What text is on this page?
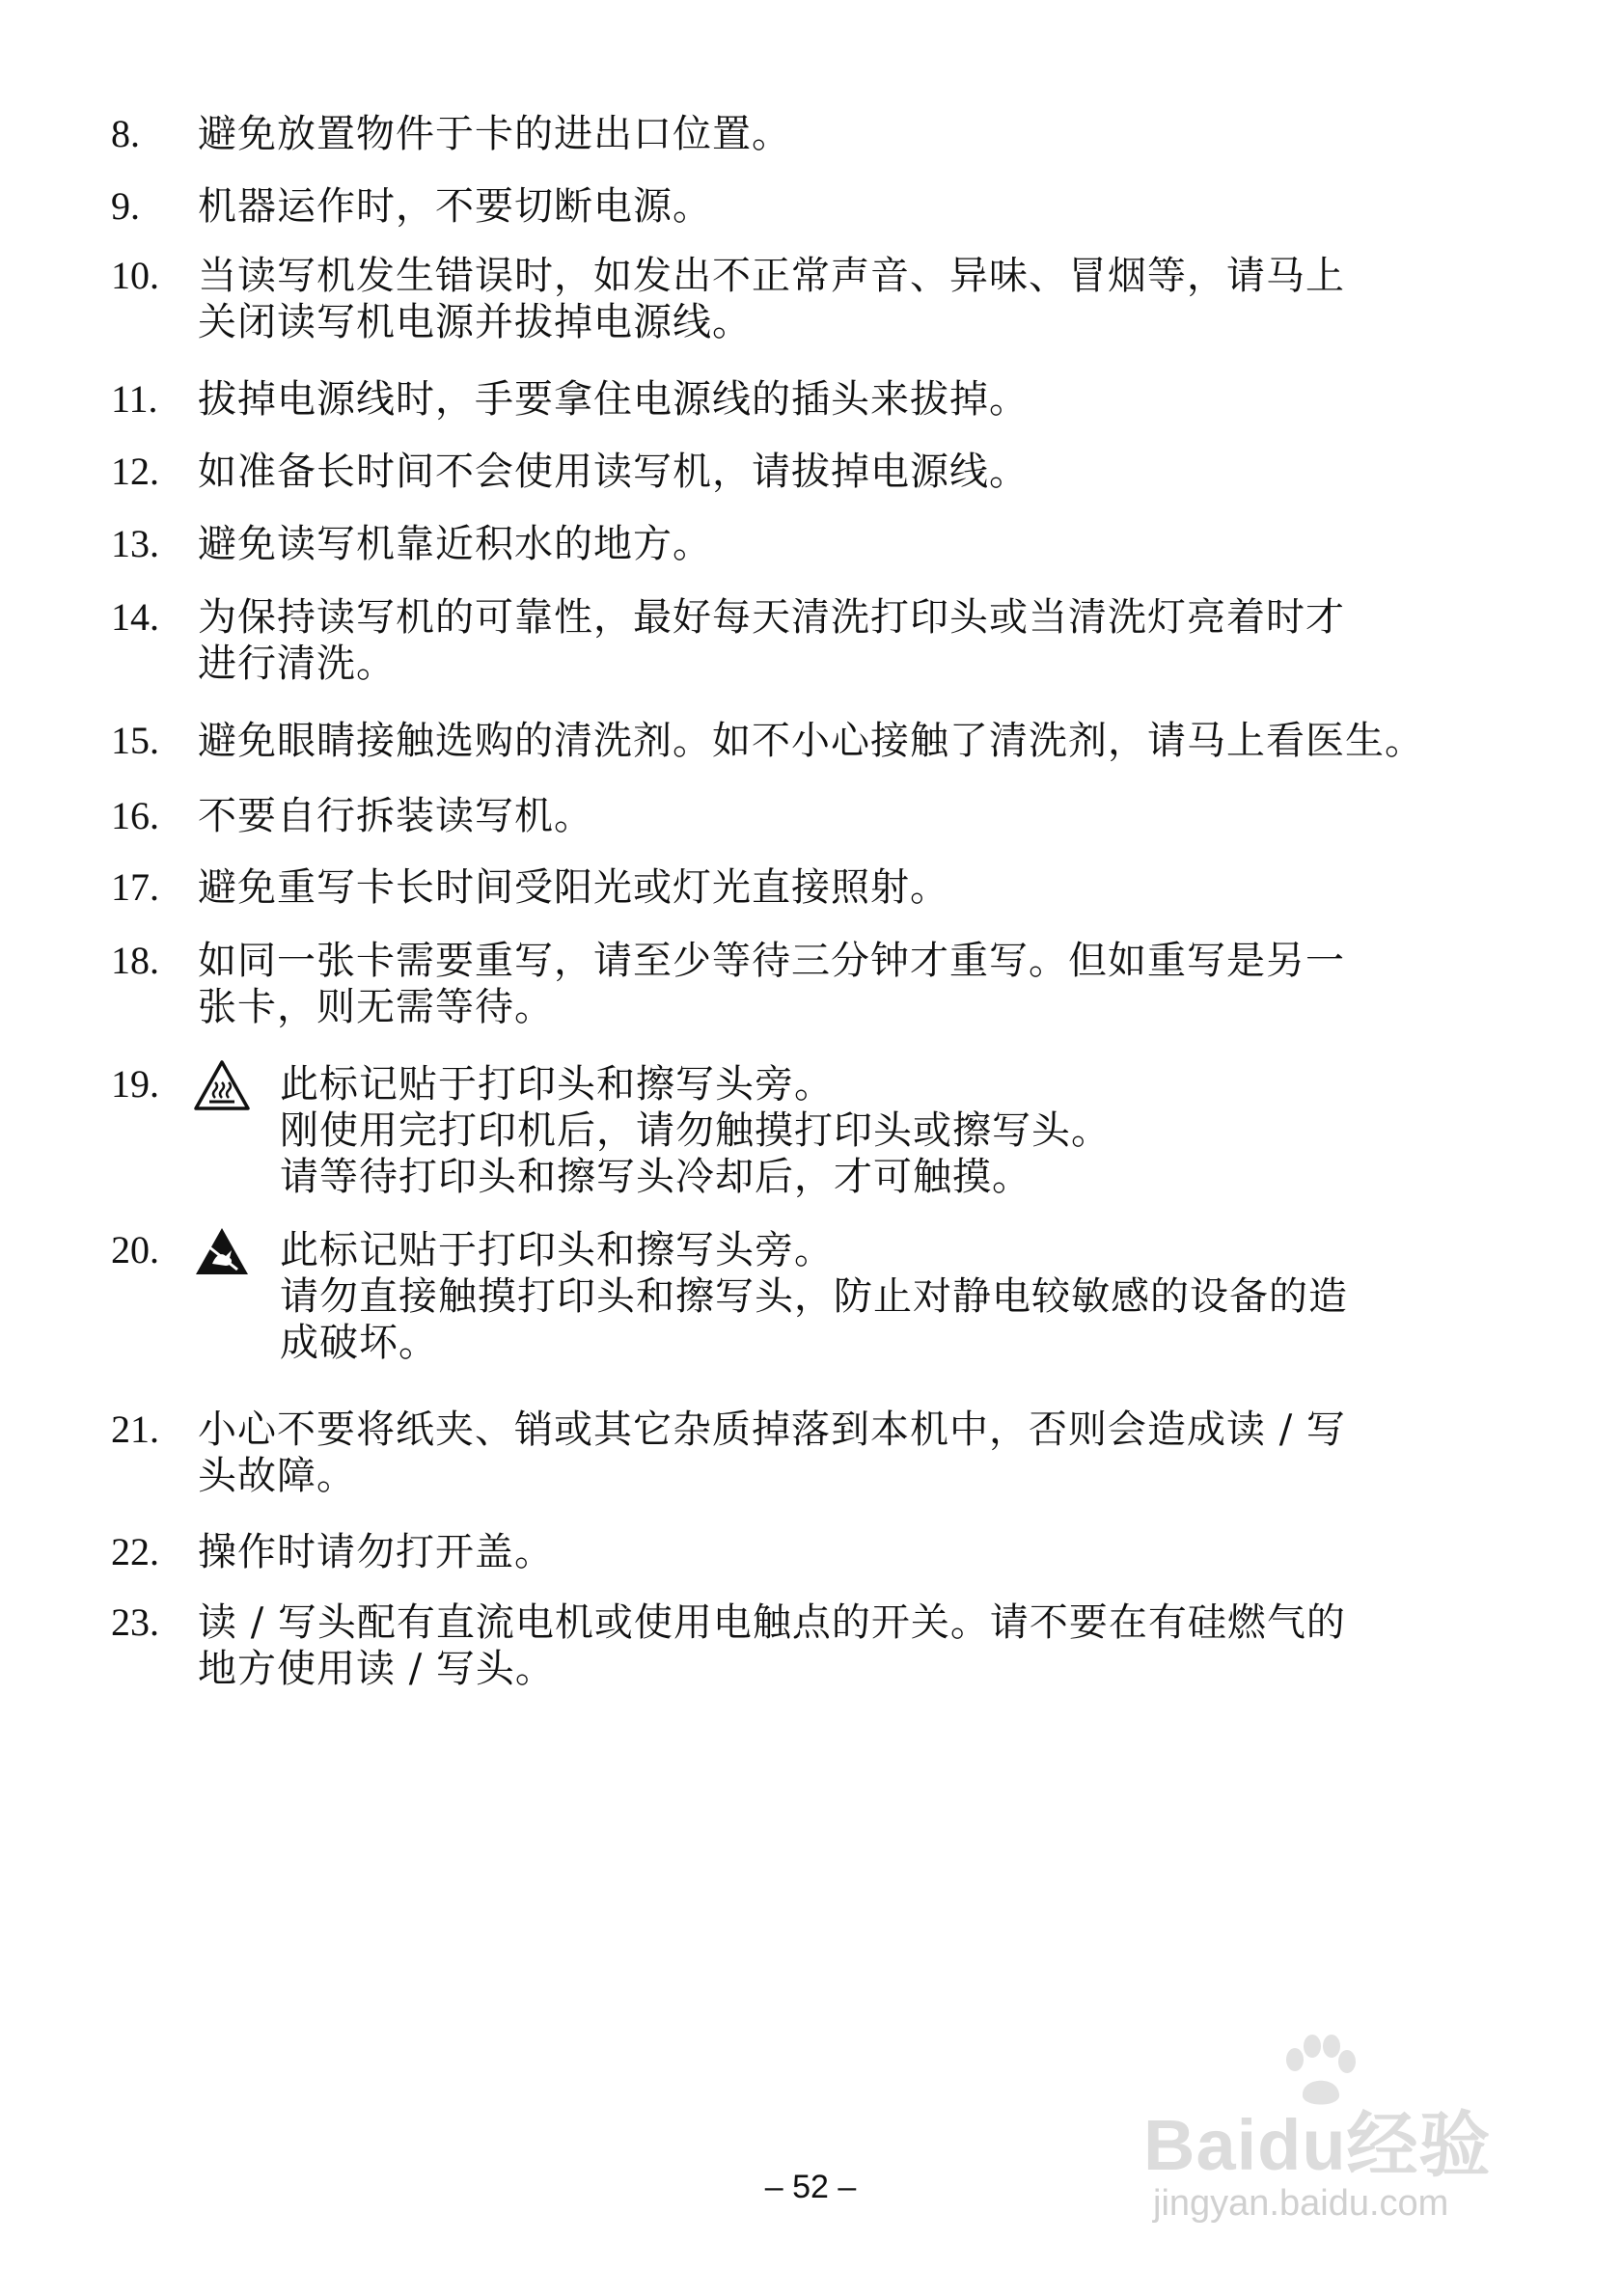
8. 避免放置物件于卡的进出口位置。
9. 机器运作时，不要切断电源。
10. 当读写机发生错误时，如发出不正常声音、异味、冒烟等，请马上
关闭读写机电源并拔掉电源线。
11. 拔掉电源线时，手要拿住电源线的插头来拔掉。
12. 如准备长时间不会使用读写机，请拔掉电源线。
13. 避免读写机靠近积水的地方。
14. 为保持读写机的可靠性，最好每天清洗打印头或当清洗灯亮着时才
进行清洗。
15. 避免眼睛接触选购的清洗剂。如不小心接触了清洗剂，请马上看医生。
16. 不要自行拆装读写机。
17. 避免重写卡长时间受阳光或灯光直接照射。
18. 如同一张卡需要重写，请至少等待三分钟才重写。但如重写是另一
张卡，则无需等待。
19.	此标记贴于打印头和擦写头旁。
刚使用完打印机后，请勿触摸打印头或擦写头。
请等待打印头和擦写头冷却后，才可触摸。
20.	此标记贴于打印头和擦写头旁。
请勿直接触摸打印头和擦写头，防止对静电较敏感的设备的造
成破坏。
21. 小心不要将纸夹、销或其它杂质掉落到本机中，否则会造成读 / 写
头故障。
22. 操作时请勿打开盖。
23. 读 / 写头配有直流电机或使用电触点的开关。请不要在有硅燃气的
地方使用读 / 写头。
– 52 –
Baidu经验
jingyan.baidu.com
